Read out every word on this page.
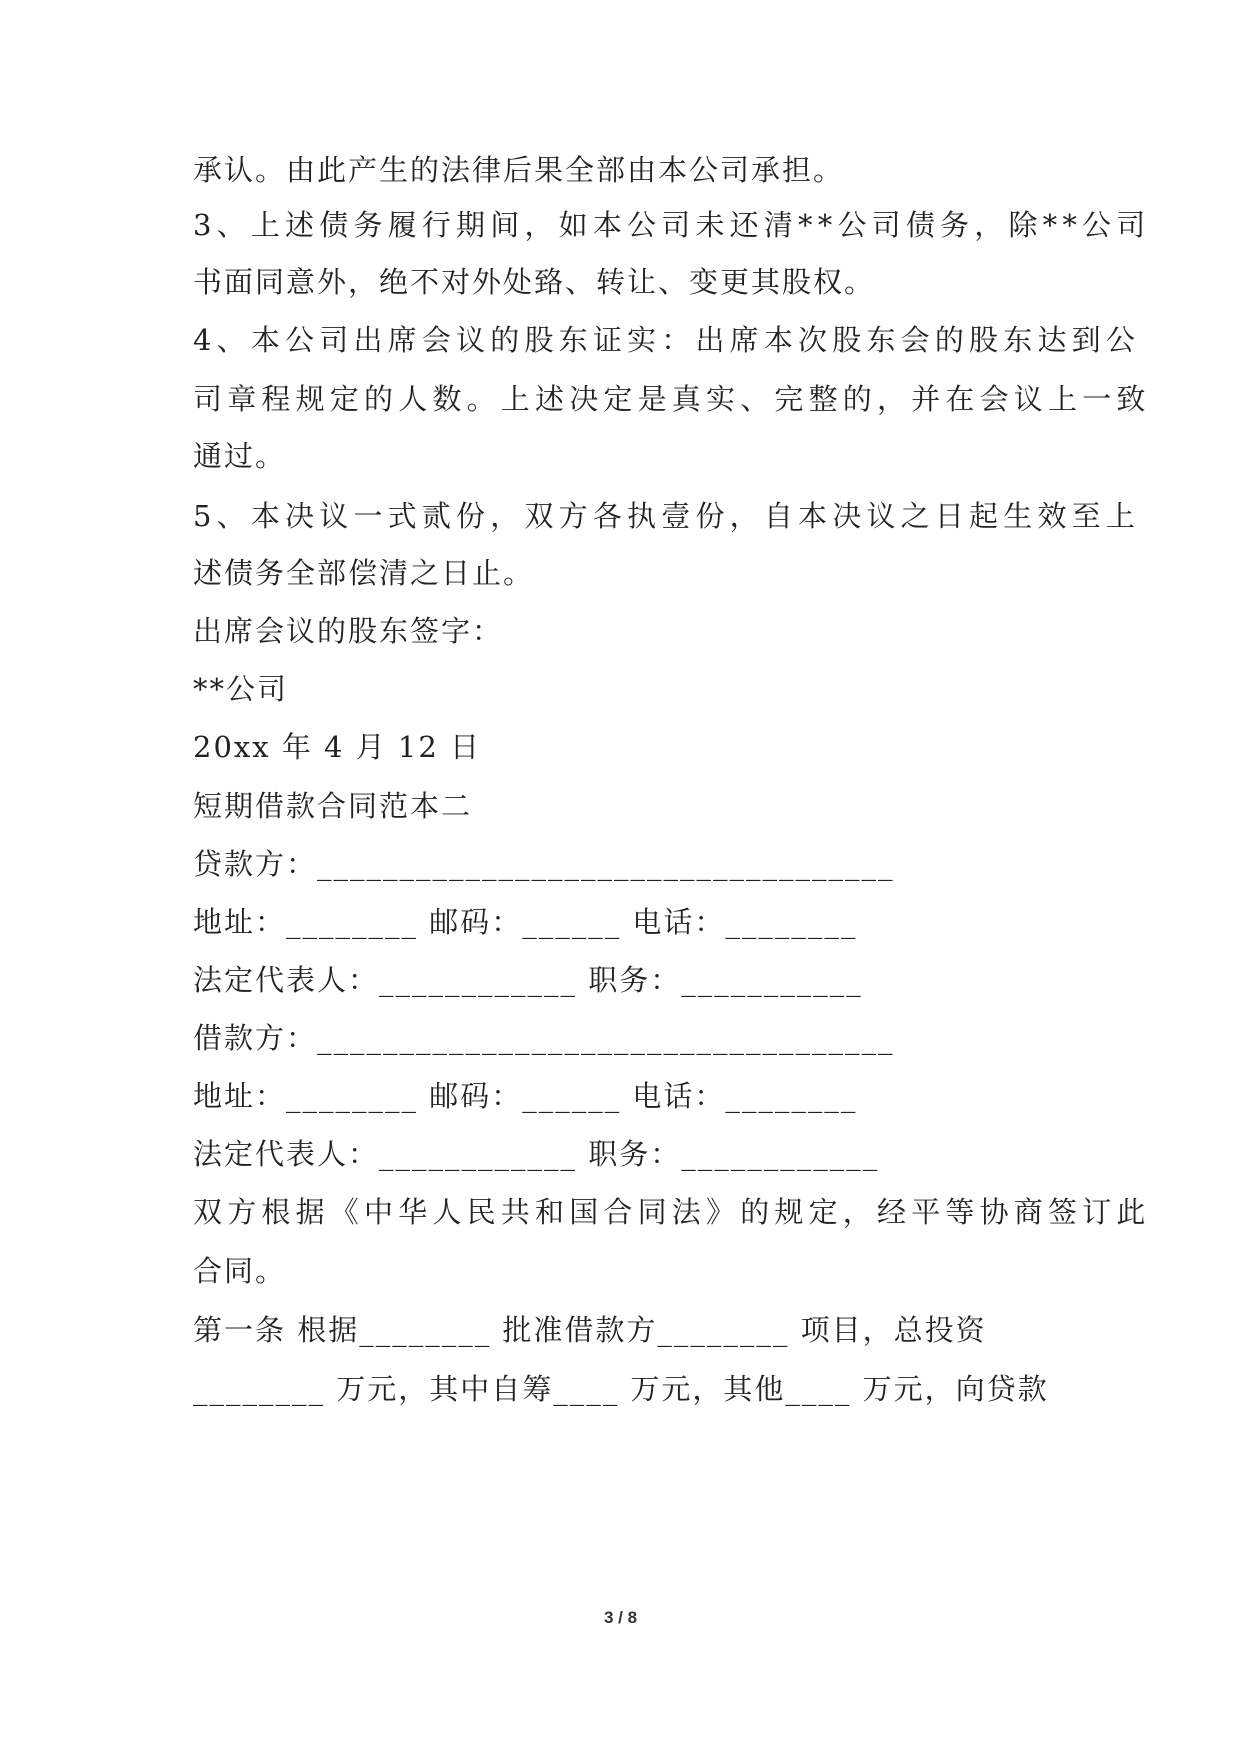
承认。由此产生的法律后果全部由本公司承担。
3、上述债务履行期间，如本公司未还清**公司债务，除**公司
书面同意外，绝不对外处臵、转让、变更其股权。
4、本公司出席会议的股东证实：出席本次股东会的股东达到公
司章程规定的人数。上述决定是真实、完整的，并在会议上一致
通过。
5、本决议一式贰份，双方各执壹份，自本决议之日起生效至上
述债务全部偿清之日止。
出席会议的股东签字：
**公司
20xx 年 4 月 12 日
短期借款合同范本二
贷款方：___________________________________
地址：________ 邮码：______ 电话：________
法定代表人：____________ 职务：___________
借款方：___________________________________
地址：________ 邮码：______ 电话：________
法定代表人：____________ 职务：____________
双方根据《中华人民共和国合同法》的规定，经平等协商签订此
合同。
第一条 根据________ 批准借款方________ 项目，总投资
________ 万元，其中自筹____ 万元，其他____ 万元，向贷款
3 / 8
